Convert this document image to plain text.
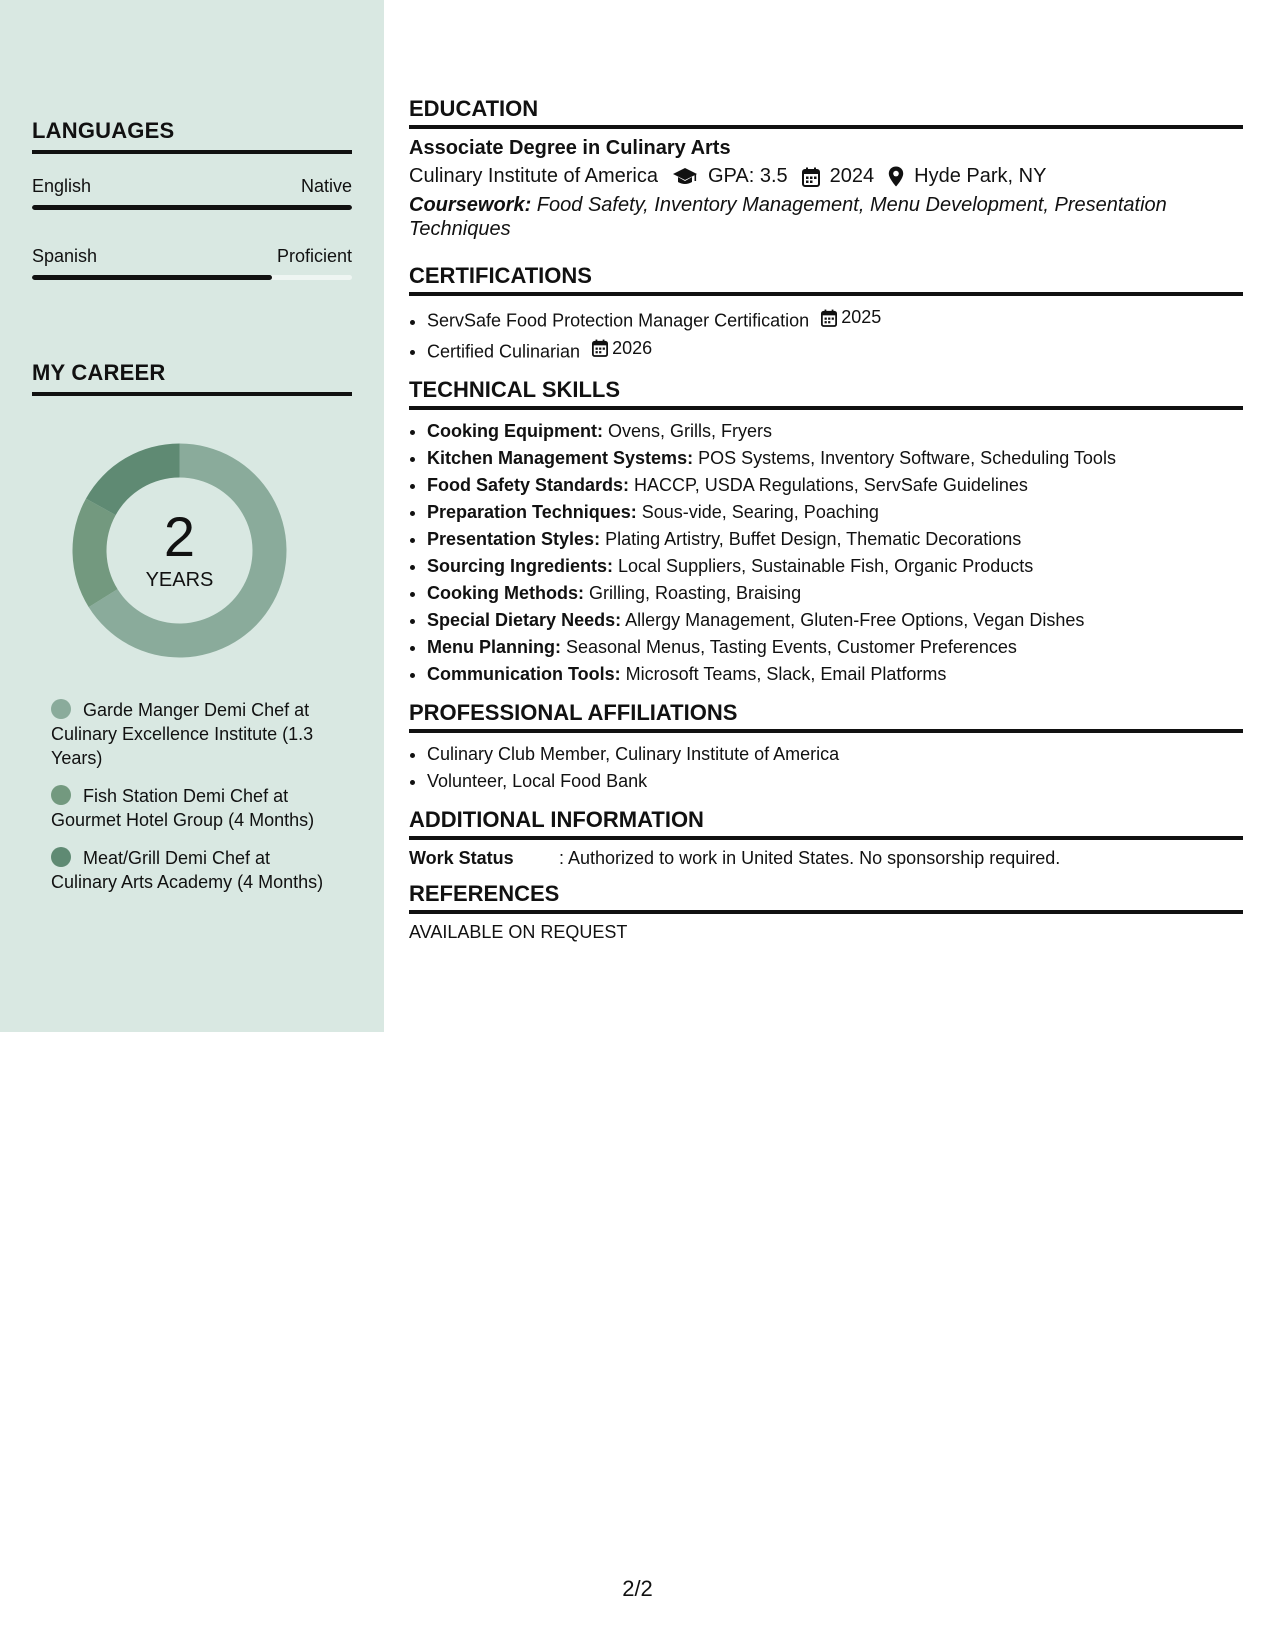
LANGUAGES
English	Native
Spanish	Proficient
MY CAREER
2
YEARS
Garde Manger Demi Chef at Culinary Excellence Institute (1.3 Years)
Fish Station Demi Chef at Gourmet Hotel Group (4 Months)
Meat/Grill Demi Chef at Culinary Arts Academy (4 Months)
EDUCATION
Associate Degree in Culinary Arts
Culinary Institute of America	GPA: 3.5 2024 Hyde Park, NY
Coursework: Food Safety, Inventory Management, Menu Development, Presentation Techniques
CERTIFICATIONS
• ServSafe Food Protection Manager Certification 2025
• Certified Culinarian 2026
TECHNICAL SKILLS
• Cooking Equipment: Ovens, Grills, Fryers
• Kitchen Management Systems: POS Systems, Inventory Software, Scheduling Tools
• Food Safety Standards: HACCP, USDA Regulations, ServSafe Guidelines
• Preparation Techniques: Sous-vide, Searing, Poaching
• Presentation Styles: Plating Artistry, Buffet Design, Thematic Decorations
• Sourcing Ingredients: Local Suppliers, Sustainable Fish, Organic Products
• Cooking Methods: Grilling, Roasting, Braising
• Special Dietary Needs: Allergy Management, Gluten-Free Options, Vegan Dishes
• Menu Planning: Seasonal Menus, Tasting Events, Customer Preferences
• Communication Tools: Microsoft Teams, Slack, Email Platforms
PROFESSIONAL AFFILIATIONS
• Culinary Club Member, Culinary Institute of America
• Volunteer, Local Food Bank
ADDITIONAL INFORMATION
Work Status	: Authorized to work in United States. No sponsorship required.
REFERENCES
AVAILABLE ON REQUEST
2/2
